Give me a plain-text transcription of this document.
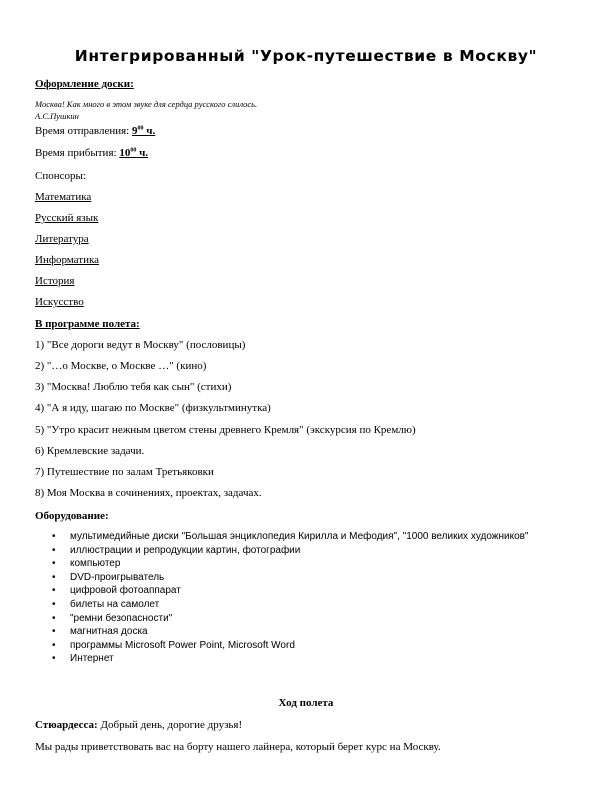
Интегрированный "Урок-путешествие в Москву"
Оформление доски:
Москва! Как много в этом звуке для сердца русского слилось.
А.С.Пушкин
Время отправления: $9^{00}$ ч.
Время прибытия: $10^{00}$ ч.
Спонсоры:
Математика
Русский язык
Литература
Информатика
История
Искусство
В программе полета:
1) "Все дороги ведут в Москву" (пословицы)
2) "…о Москве, о Москве …" (кино)
3) "Москва! Люблю тебя как сын" (стихи)
4) "А я иду, шагаю по Москве" (физкультминутка)
5) "Утро красит нежным цветом стены древнего Кремля" (экскурсия по Кремлю)
6) Кремлевские задачи.
7) Путешествие по залам Третьяковки
8) Моя Москва в сочинениях, проектах, задачах.
Оборудование:
• мультимедийные диски "Большая энциклопедия Кирилла и Мефодия", "1000 великих художников"
• иллюстрации и репродукции картин, фотографии
• компьютер
• DVD-проигрыватель
• цифровой фотоаппарат
• билеты на самолет
• "ремни безопасности"
• магнитная доска
• программы Microsoft Power Point, Microsoft Word
• Интернет
Ход полета
Стюардесса: Добрый день, дорогие друзья!
Мы рады приветствовать вас на борту нашего лайнера, который берет курс на Москву.
